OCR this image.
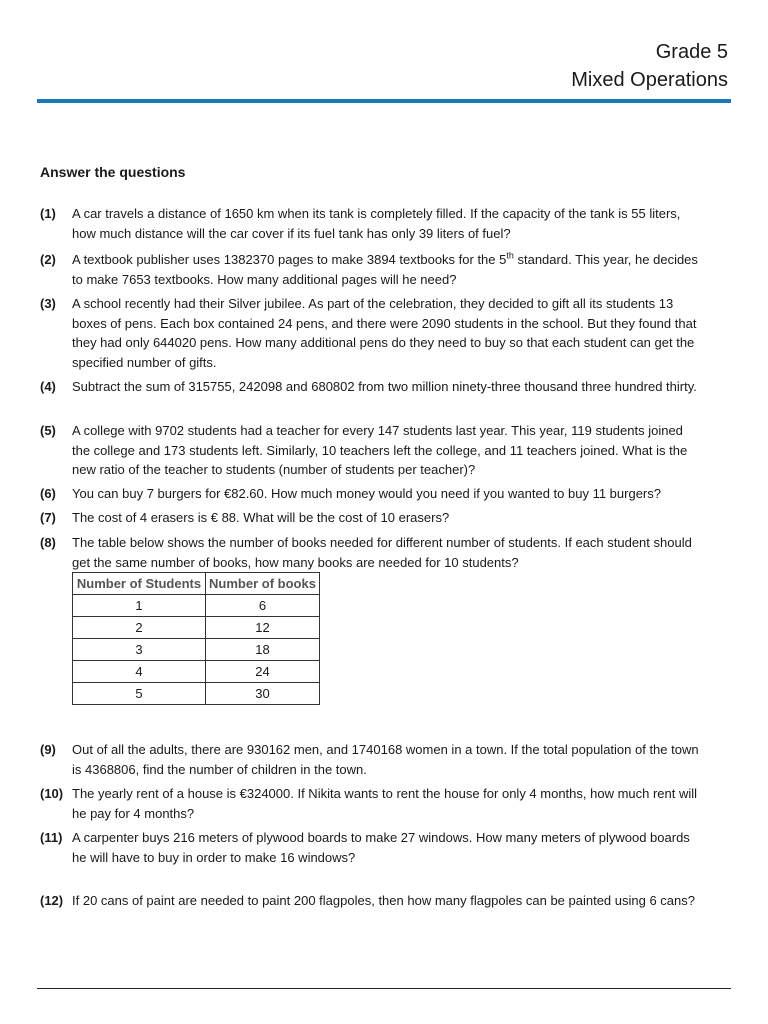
Grade 5
Mixed Operations
Answer the questions
(1) A car travels a distance of 1650 km when its tank is completely filled. If the capacity of the tank is 55 liters, how much distance will the car cover if its fuel tank has only 39 liters of fuel?
(2) A textbook publisher uses 1382370 pages to make 3894 textbooks for the 5th standard. This year, he decides to make 7653 textbooks. How many additional pages will he need?
(3) A school recently had their Silver jubilee. As part of the celebration, they decided to gift all its students 13 boxes of pens. Each box contained 24 pens, and there were 2090 students in the school. But they found that they had only 644020 pens. How many additional pens do they need to buy so that each student can get the specified number of gifts.
(4) Subtract the sum of 315755, 242098 and 680802 from two million ninety-three thousand three hundred thirty.
(5) A college with 9702 students had a teacher for every 147 students last year. This year, 119 students joined the college and 173 students left. Similarly, 10 teachers left the college, and 11 teachers joined. What is the new ratio of the teacher to students (number of students per teacher)?
(6) You can buy 7 burgers for €82.60. How much money would you need if you wanted to buy 11 burgers?
(7) The cost of 4 erasers is € 88. What will be the cost of 10 erasers?
(8) The table below shows the number of books needed for different number of students. If each student should get the same number of books, how many books are needed for 10 students?
Number of Students	Number of books
1	6
2	12
3	18
4	24
5	30
(9) Out of all the adults, there are 930162 men, and 1740168 women in a town. If the total population of the town is 4368806, find the number of children in the town.
(10) The yearly rent of a house is €324000. If Nikita wants to rent the house for only 4 months, how much rent will he pay for 4 months?
(11) A carpenter buys 216 meters of plywood boards to make 27 windows. How many meters of plywood boards he will have to buy in order to make 16 windows?
(12) If 20 cans of paint are needed to paint 200 flagpoles, then how many flagpoles can be painted using 6 cans?
